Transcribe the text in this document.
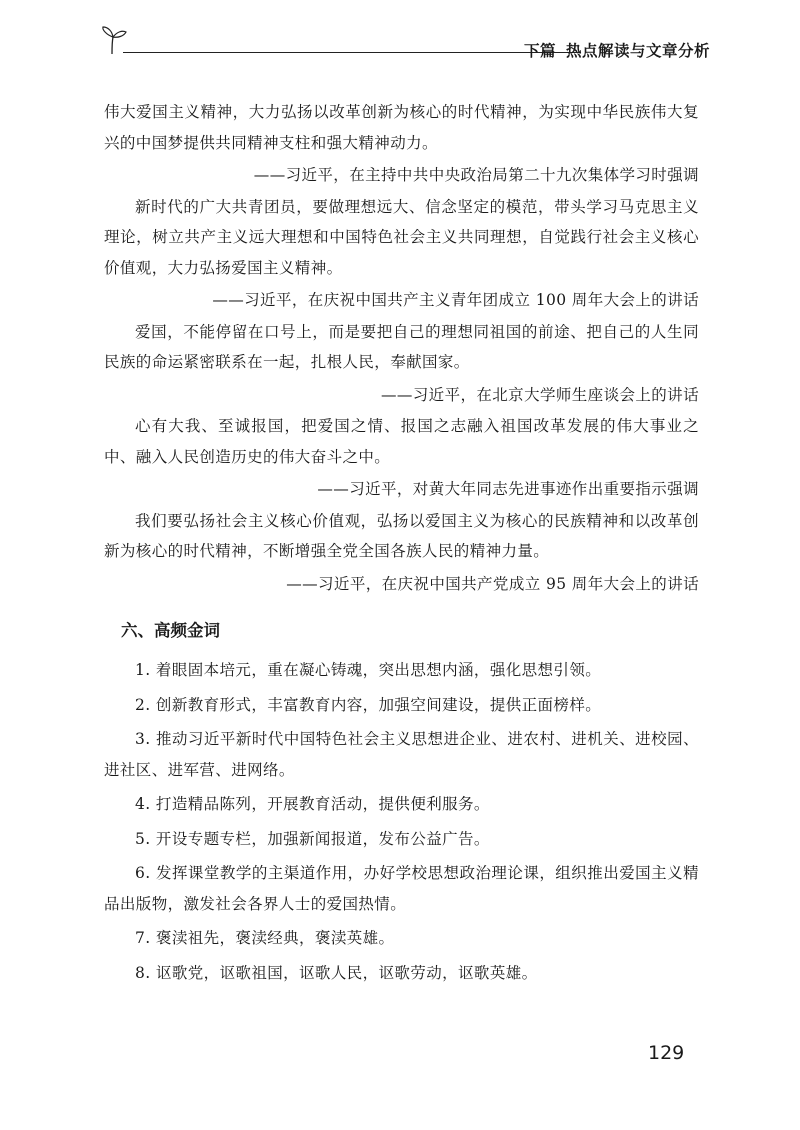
下篇 热点解读与文章分析

伟大爱国主义精神，大力弘扬以改革创新为核心的时代精神，为实现中华民族伟大复兴的中国梦提供共同精神支柱和强大精神动力。

——习近平，在主持中共中央政治局第二十九次集体学习时强调

新时代的广大共青团员，要做理想远大、信念坚定的模范，带头学习马克思主义理论，树立共产主义远大理想和中国特色社会主义共同理想，自觉践行社会主义核心价值观，大力弘扬爱国主义精神。

——习近平，在庆祝中国共产主义青年团成立 100 周年大会上的讲话

爱国，不能停留在口号上，而是要把自己的理想同祖国的前途、把自己的人生同民族的命运紧密联系在一起，扎根人民，奉献国家。

——习近平，在北京大学师生座谈会上的讲话

心有大我、至诚报国，把爱国之情、报国之志融入祖国改革发展的伟大事业之中、融入人民创造历史的伟大奋斗之中。

——习近平，对黄大年同志先进事迹作出重要指示强调

我们要弘扬社会主义核心价值观，弘扬以爱国主义为核心的民族精神和以改革创新为核心的时代精神，不断增强全党全国各族人民的精神力量。

——习近平，在庆祝中国共产党成立 95 周年大会上的讲话

六、高频金词

1. 着眼固本培元，重在凝心铸魂，突出思想内涵，强化思想引领。

2. 创新教育形式，丰富教育内容，加强空间建设，提供正面榜样。

3. 推动习近平新时代中国特色社会主义思想进企业、进农村、进机关、进校园、进社区、进军营、进网络。

4. 打造精品陈列，开展教育活动，提供便利服务。

5. 开设专题专栏，加强新闻报道，发布公益广告。

6. 发挥课堂教学的主渠道作用，办好学校思想政治理论课，组织推出爱国主义精品出版物，激发社会各界人士的爱国热情。

7. 褒渎祖先，褒渎经典，褒渎英雄。

8. 讴歌党，讴歌祖国，讴歌人民，讴歌劳动，讴歌英雄。

129
